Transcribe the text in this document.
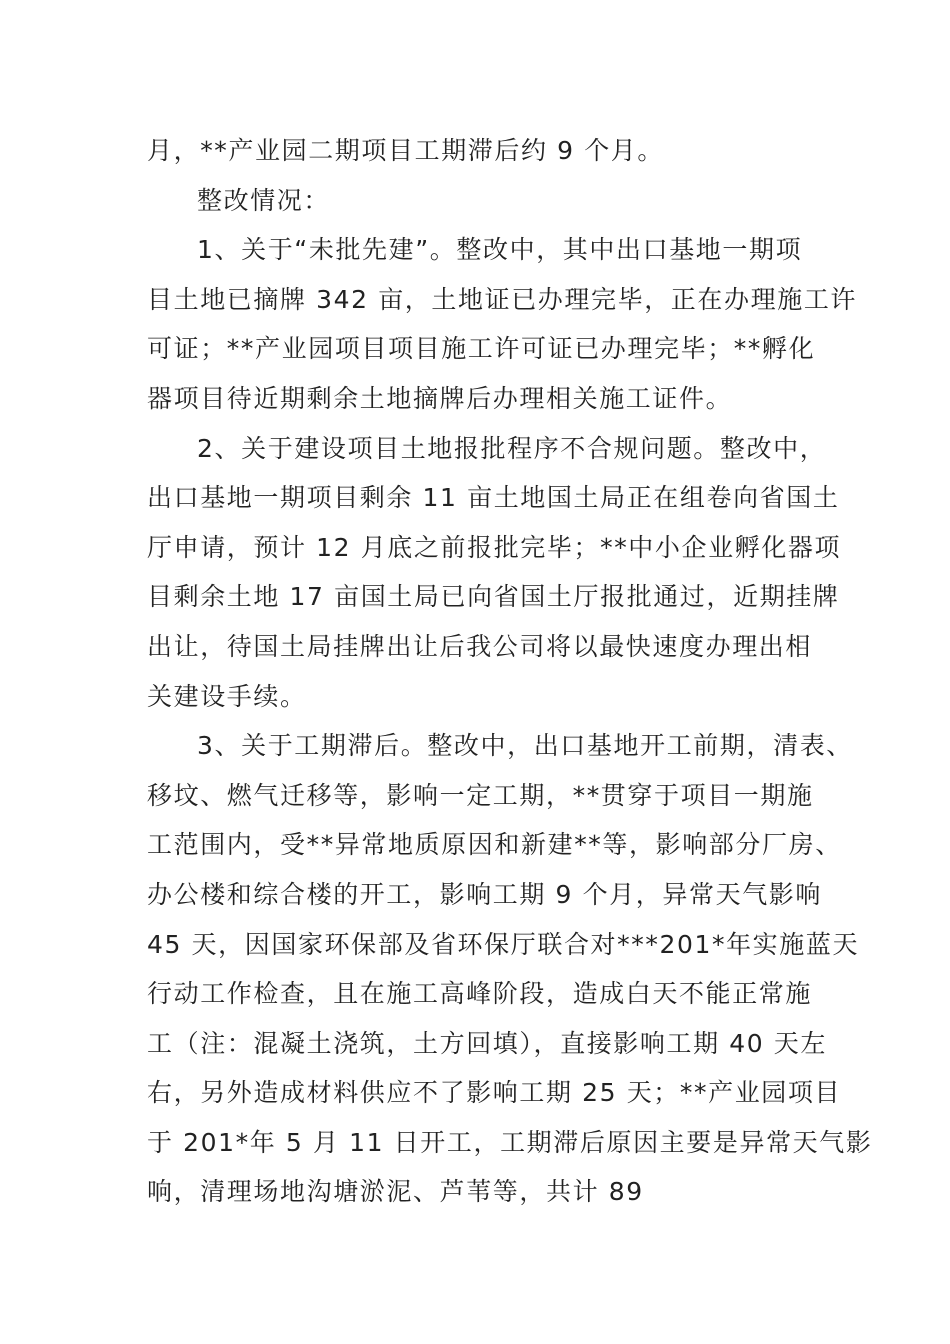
月，**产业园二期项目工期滞后约 9 个月。
整改情况：
1、关于“未批先建”。整改中，其中出口基地一期项
目土地已摘牌 342 亩，土地证已办理完毕，正在办理施工许
可证；**产业园项目项目施工许可证已办理完毕；**孵化
器项目待近期剩余土地摘牌后办理相关施工证件。
2、关于建设项目土地报批程序不合规问题。整改中，
出口基地一期项目剩余 11 亩土地国土局正在组卷向省国土
厅申请，预计 12 月底之前报批完毕；**中小企业孵化器项
目剩余土地 17 亩国土局已向省国土厅报批通过，近期挂牌
出让，待国土局挂牌出让后我公司将以最快速度办理出相
关建设手续。
3、关于工期滞后。整改中，出口基地开工前期，清表、
移坟、燃气迁移等，影响一定工期，**贯穿于项目一期施
工范围内，受**异常地质原因和新建**等，影响部分厂房、
办公楼和综合楼的开工，影响工期 9 个月，异常天气影响
45 天，因国家环保部及省环保厅联合对***201*年实施蓝天
行动工作检查，且在施工高峰阶段，造成白天不能正常施
工（注：混凝土浇筑，土方回填），直接影响工期 40 天左
右，另外造成材料供应不了影响工期 25 天；**产业园项目
于 201*年 5 月 11 日开工，工期滞后原因主要是异常天气影
响，清理场地沟塘淤泥、芦苇等，共计 89
